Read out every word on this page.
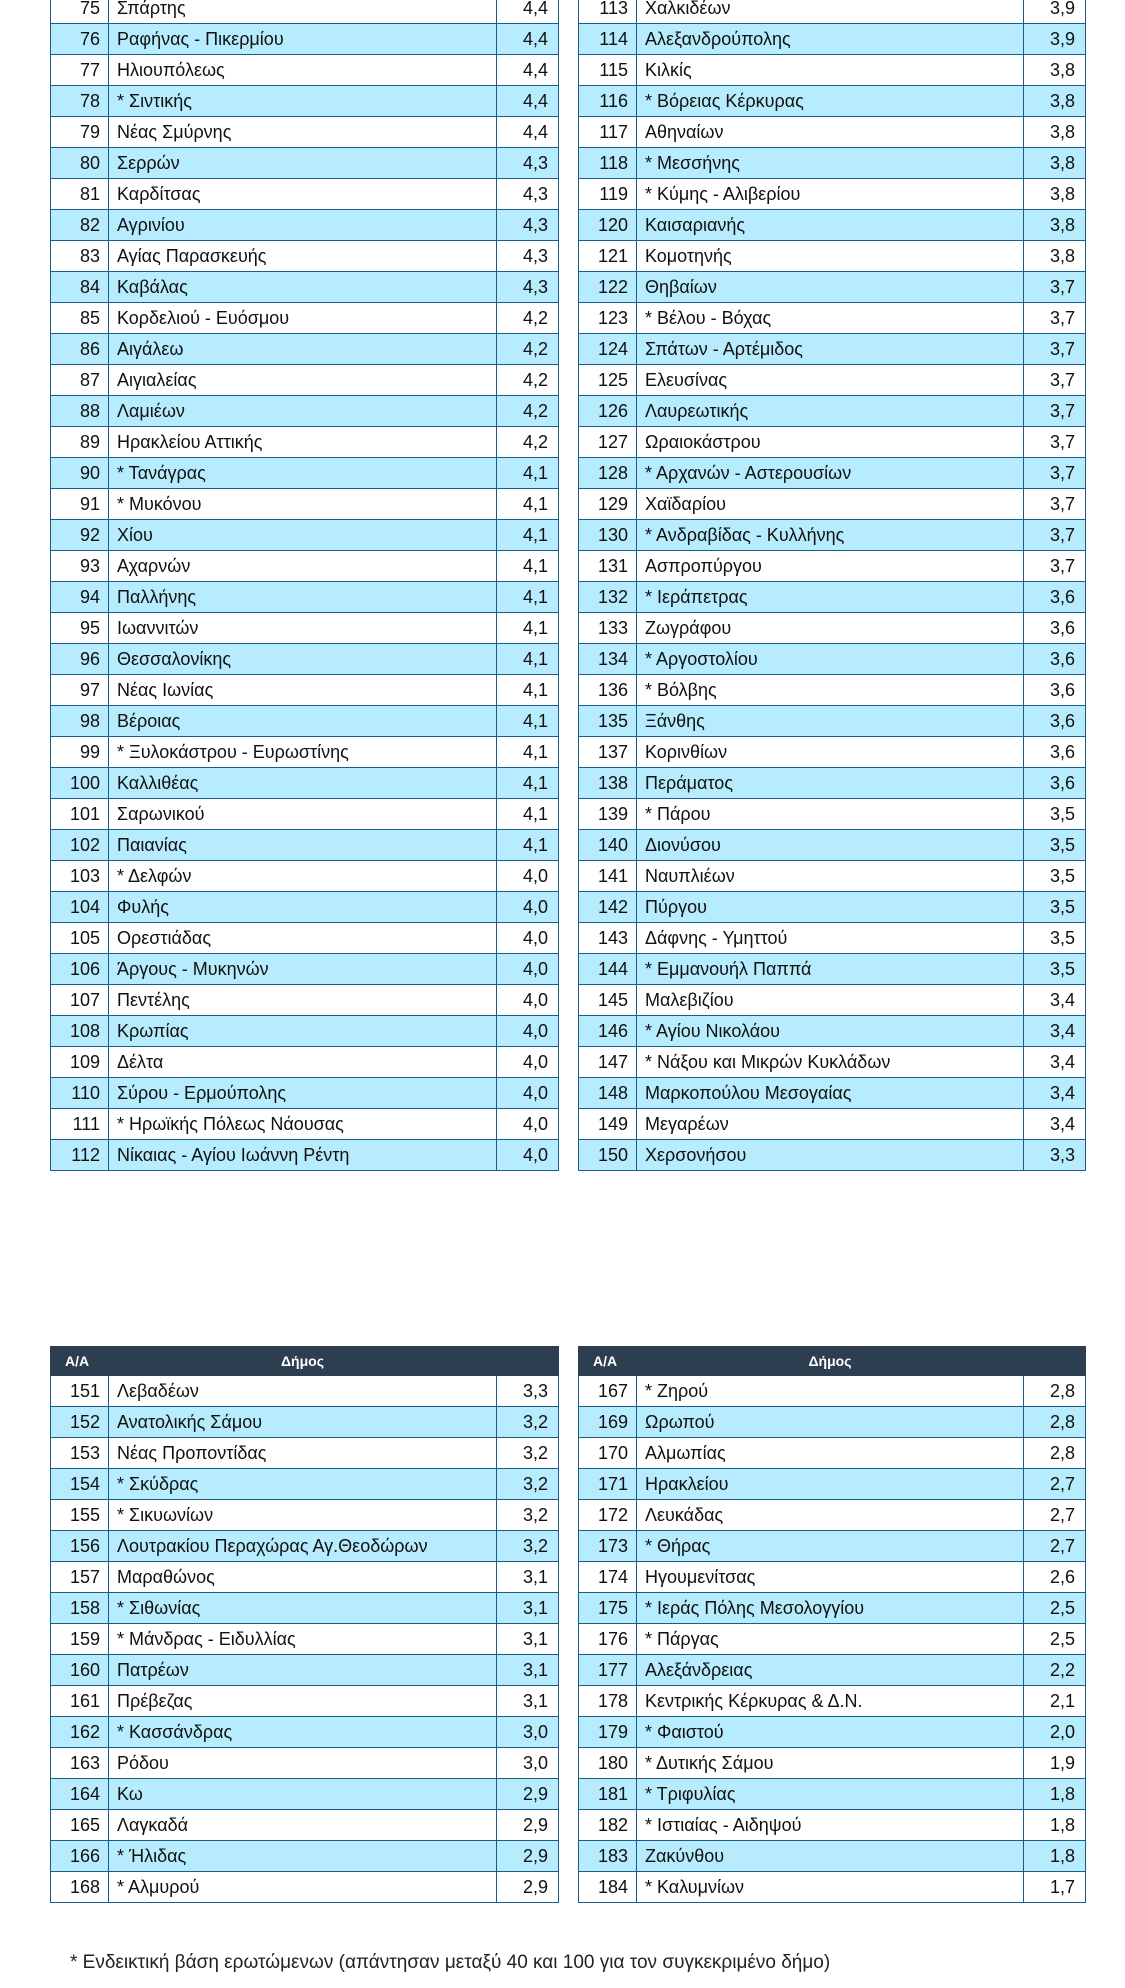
75	Σπάρτης	4,4
76	Ραφήνας - Πικερμίου	4,4
77	Ηλιουπόλεως	4,4
78	* Σιντικής	4,4
79	Νέας Σμύρνης	4,4
80	Σερρών	4,3
81	Καρδίτσας	4,3
82	Αγρινίου	4,3
83	Αγίας Παρασκευής	4,3
84	Καβάλας	4,3
85	Κορδελιού - Ευόσμου	4,2
86	Αιγάλεω	4,2
87	Αιγιαλείας	4,2
88	Λαμιέων	4,2
89	Ηρακλείου Αττικής	4,2
90	* Τανάγρας	4,1
91	* Μυκόνου	4,1
92	Χίου	4,1
93	Αχαρνών	4,1
94	Παλλήνης	4,1
95	Ιωαννιτών	4,1
96	Θεσσαλονίκης	4,1
97	Νέας Ιωνίας	4,1
98	Βέροιας	4,1
99	* Ξυλοκάστρου - Ευρωστίνης	4,1
100	Καλλιθέας	4,1
101	Σαρωνικού	4,1
102	Παιανίας	4,1
103	* Δελφών	4,0
104	Φυλής	4,0
105	Ορεστιάδας	4,0
106	Άργους - Μυκηνών	4,0
107	Πεντέλης	4,0
108	Κρωπίας	4,0
109	Δέλτα	4,0
110	Σύρου - Ερμούπολης	4,0
111	* Ηρωϊκής Πόλεως Νάουσας	4,0
112	Νίκαιας - Αγίου Ιωάννη Ρέντη	4,0
113	Χαλκιδέων	3,9
114	Αλεξανδρούπολης	3,9
115	Κιλκίς	3,8
116	* Βόρειας Κέρκυρας	3,8
117	Αθηναίων	3,8
118	* Μεσσήνης	3,8
119	* Κύμης - Αλιβερίου	3,8
120	Καισαριανής	3,8
121	Κομοτηνής	3,8
122	Θηβαίων	3,7
123	* Βέλου - Βόχας	3,7
124	Σπάτων - Αρτέμιδος	3,7
125	Ελευσίνας	3,7
126	Λαυρεωτικής	3,7
127	Ωραιοκάστρου	3,7
128	* Αρχανών - Αστερουσίων	3,7
129	Χαϊδαρίου	3,7
130	* Ανδραβίδας - Κυλλήνης	3,7
131	Ασπροπύργου	3,7
132	* Ιεράπετρας	3,6
133	Ζωγράφου	3,6
134	* Αργοστολίου	3,6
136	* Βόλβης	3,6
135	Ξάνθης	3,6
137	Κορινθίων	3,6
138	Περάματος	3,6
139	* Πάρου	3,5
140	Διονύσου	3,5
141	Ναυπλιέων	3,5
142	Πύργου	3,5
143	Δάφνης - Υμηττού	3,5
144	* Εμμανουήλ Παππά	3,5
145	Μαλεβιζίου	3,4
146	* Αγίου Νικολάου	3,4
147	* Νάξου και Μικρών Κυκλάδων	3,4
148	Μαρκοπούλου Μεσογαίας	3,4
149	Μεγαρέων	3,4
150	Χερσονήσου	3,3
Α/Α	Δήμος	
151	Λεβαδέων	3,3
152	Ανατολικής Σάμου	3,2
153	Νέας Προποντίδας	3,2
154	* Σκύδρας	3,2
155	* Σικυωνίων	3,2
156	Λουτρακίου Περαχώρας Αγ.Θεοδώρων	3,2
157	Μαραθώνος	3,1
158	* Σιθωνίας	3,1
159	* Μάνδρας - Ειδυλλίας	3,1
160	Πατρέων	3,1
161	Πρέβεζας	3,1
162	* Κασσάνδρας	3,0
163	Ρόδου	3,0
164	Κω	2,9
165	Λαγκαδά	2,9
166	* Ήλιδας	2,9
168	* Αλμυρού	2,9
Α/Α	Δήμος	
167	* Ζηρού	2,8
169	Ωρωπού	2,8
170	Αλμωπίας	2,8
171	Ηρακλείου	2,7
172	Λευκάδας	2,7
173	* Θήρας	2,7
174	Ηγουμενίτσας	2,6
175	* Ιεράς Πόλης Μεσολογγίου	2,5
176	* Πάργας	2,5
177	Αλεξάνδρειας	2,2
178	Κεντρικής Κέρκυρας & Δ.Ν.	2,1
179	* Φαιστού	2,0
180	* Δυτικής Σάμου	1,9
181	* Τριφυλίας	1,8
182	* Ιστιαίας - Αιδηψού	1,8
183	Ζακύνθου	1,8
184	* Καλυμνίων	1,7
* Ενδεικτική βάση ερωτώμενων (απάντησαν μεταξύ 40 και 100 για τον συγκεκριμένο δήμο)
